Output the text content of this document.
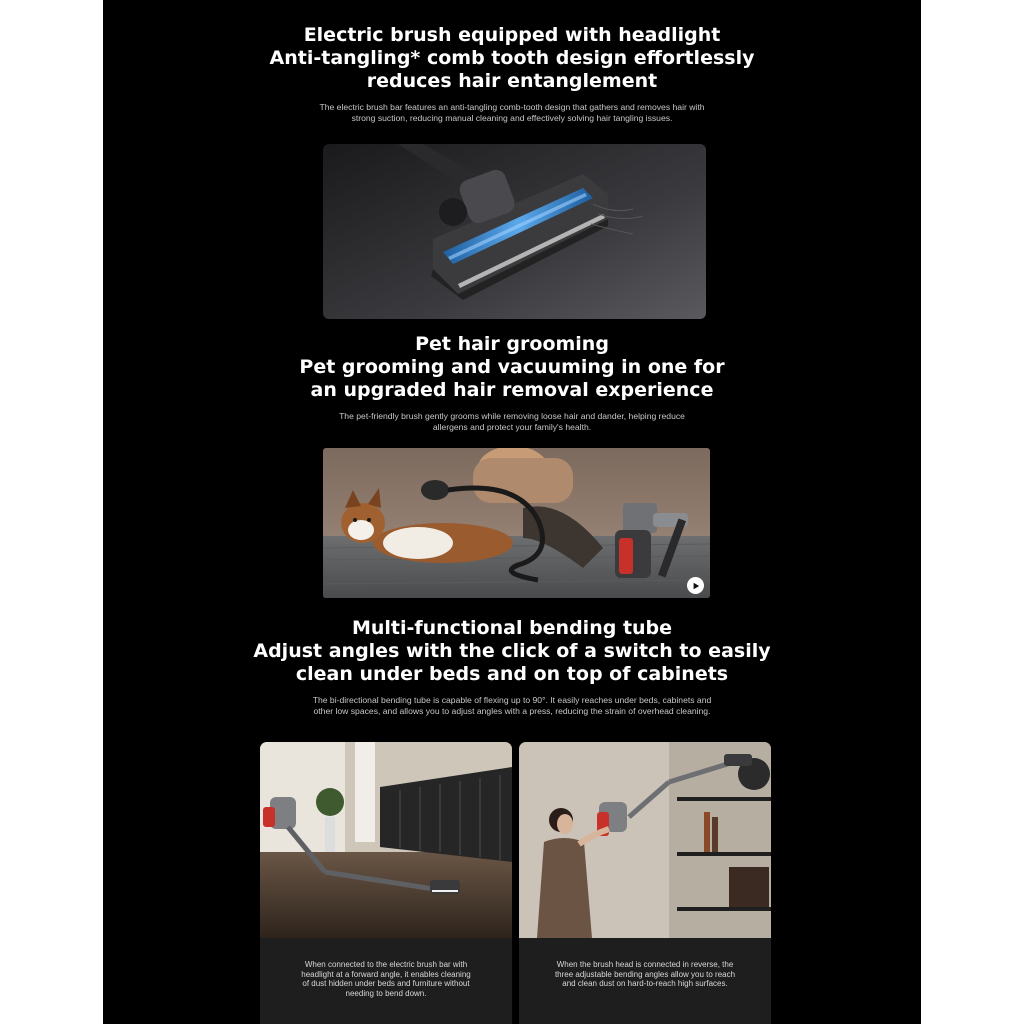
Electric brush equipped with headlight
Anti-tangling* comb tooth design effortlessly
reduces hair entanglement

The electric brush bar features an anti-tangling comb-tooth design that gathers and removes hair with
strong suction, reducing manual cleaning and effectively solving hair tangling issues.

Pet hair grooming
Pet grooming and vacuuming in one for
an upgraded hair removal experience

The pet-friendly brush gently grooms while removing loose hair and dander, helping reduce
allergens and protect your family's health.

Multi-functional bending tube
Adjust angles with the click of a switch to easily
clean under beds and on top of cabinets

The bi-directional bending tube is capable of flexing up to 90°. It easily reaches under beds, cabinets and
other low spaces, and allows you to adjust angles with a press, reducing the strain of overhead cleaning.

When connected to the electric brush bar with
headlight at a forward angle, it enables cleaning
of dust hidden under beds and furniture without
needing to bend down.
When the brush head is connected in reverse, the
three adjustable bending angles allow you to reach
and clean dust on hard-to-reach high surfaces.
